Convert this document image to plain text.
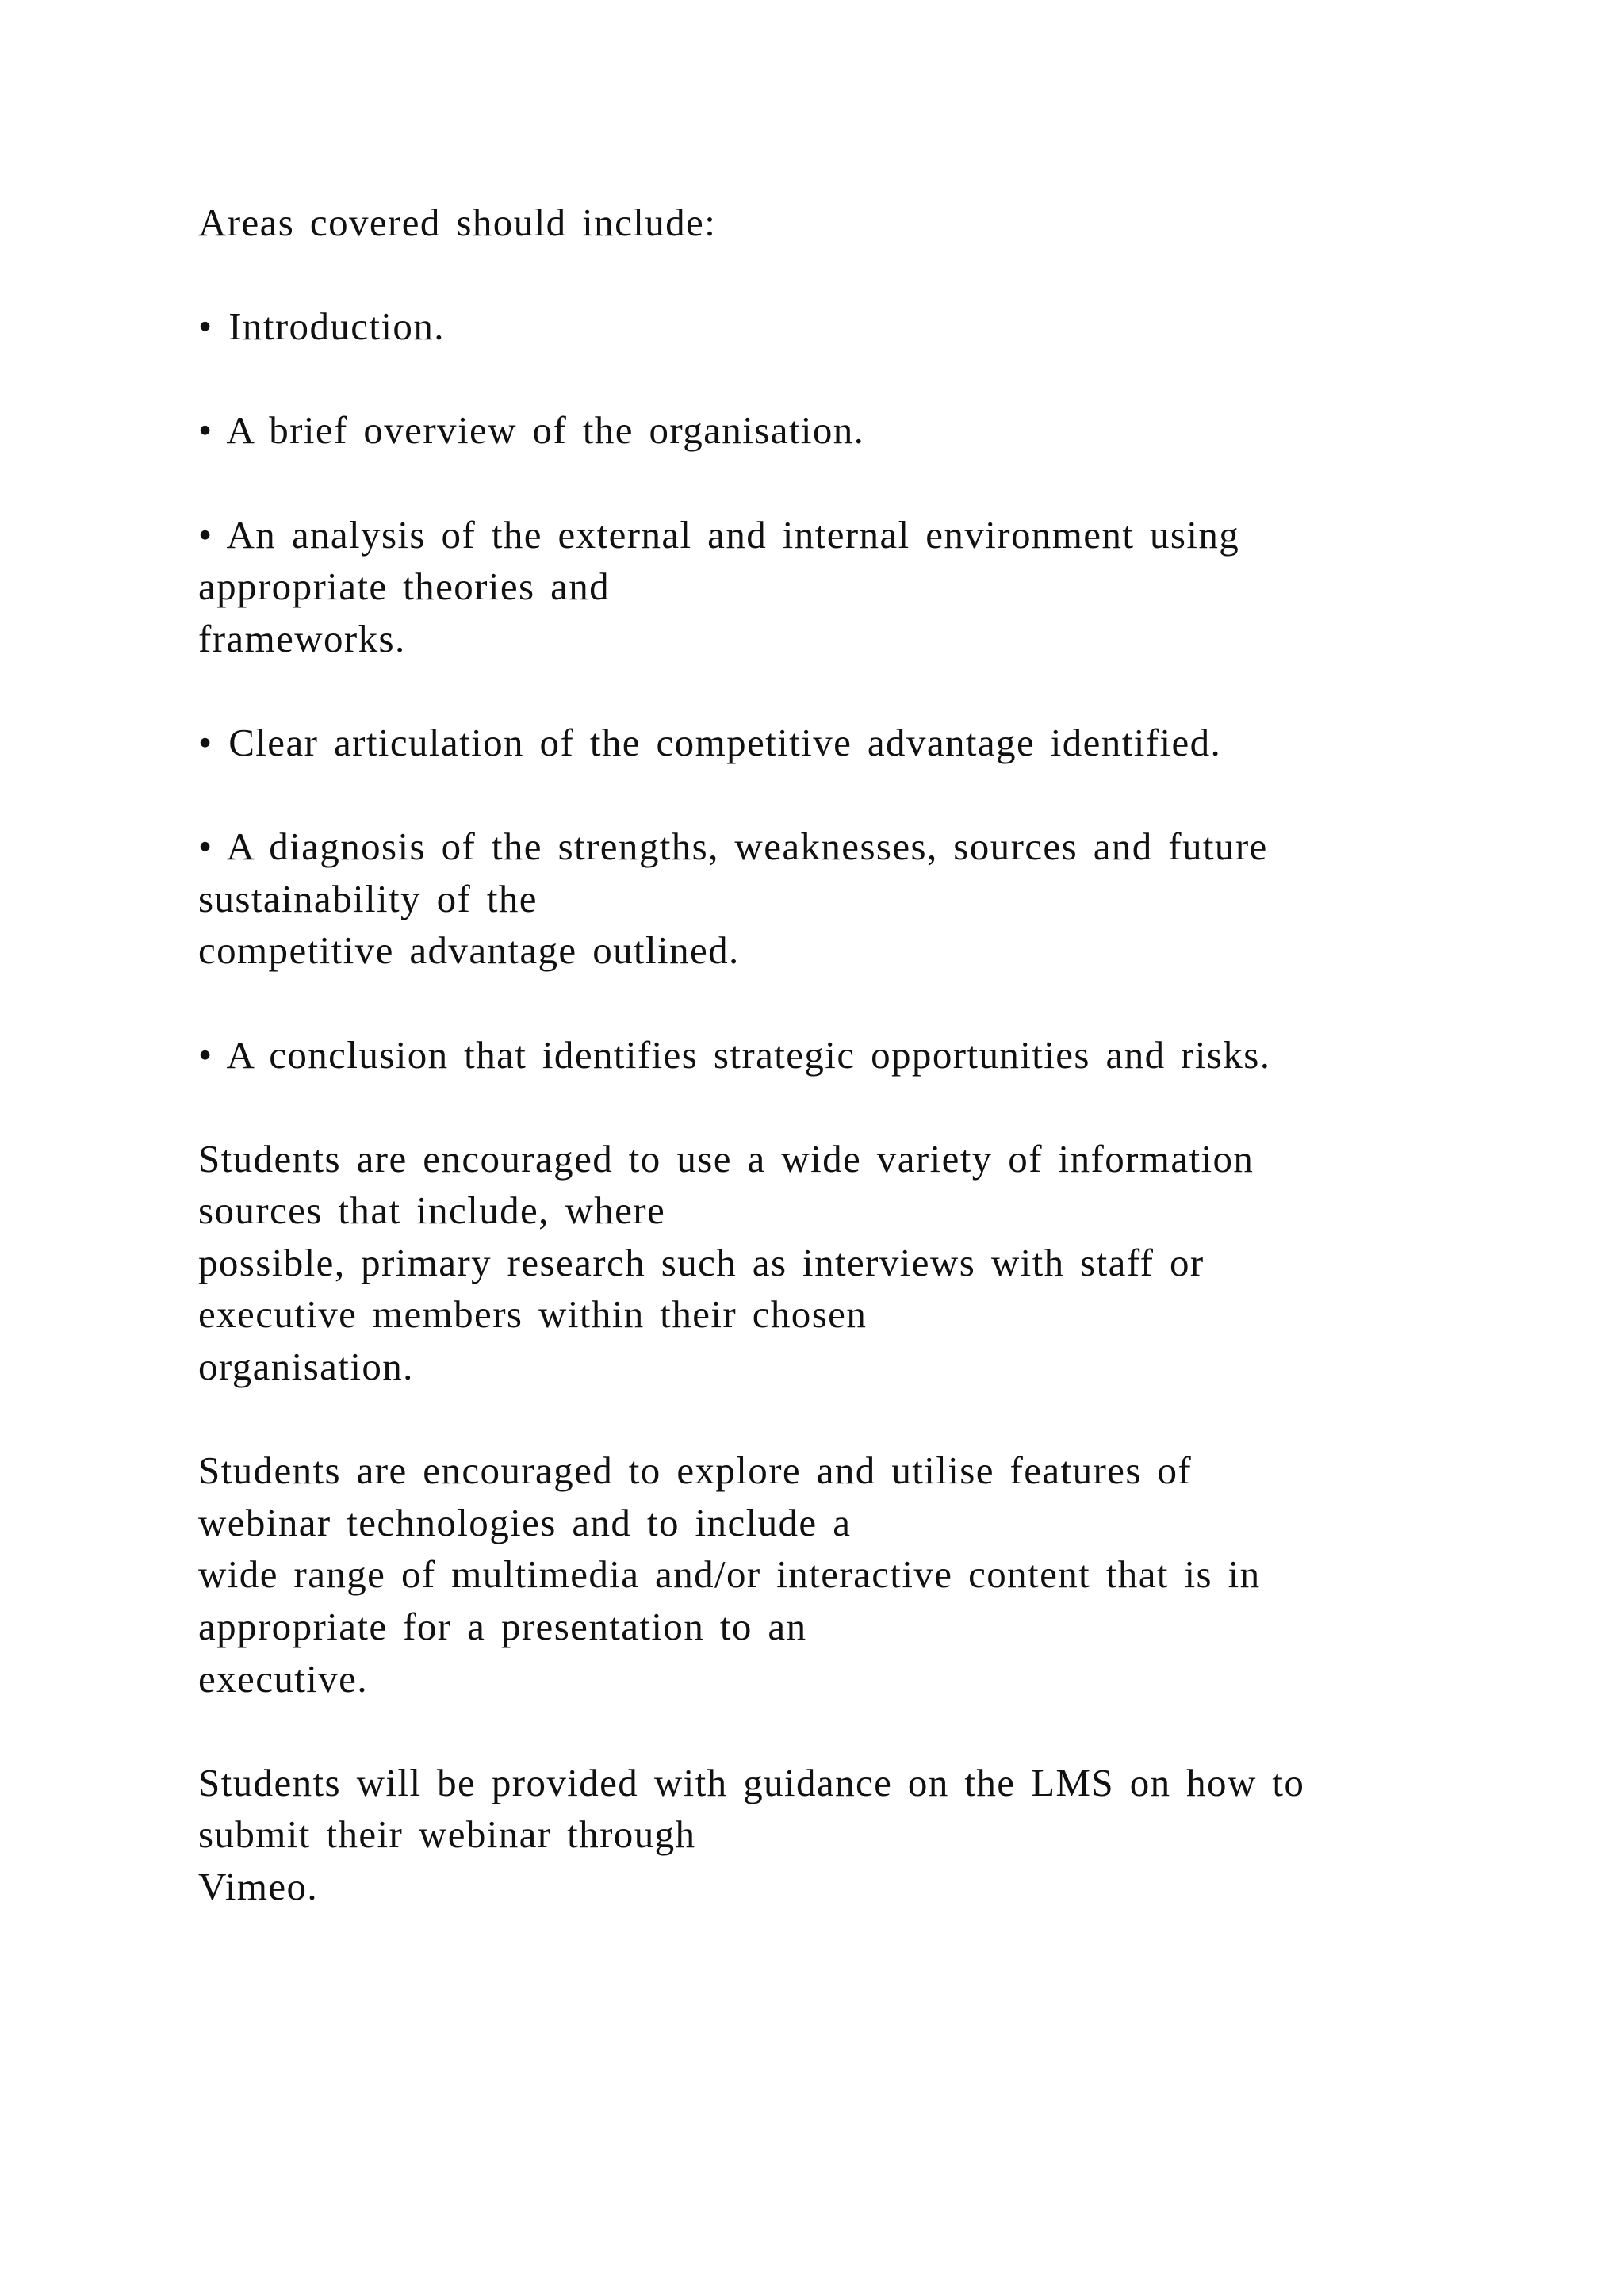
Areas covered should include:

• Introduction.

• A brief overview of the organisation.

• An analysis of the external and internal environment using
appropriate theories and
frameworks.

• Clear articulation of the competitive advantage identified.

• A diagnosis of the strengths, weaknesses, sources and future
sustainability of the
competitive advantage outlined.

• A conclusion that identifies strategic opportunities and risks.

Students are encouraged to use a wide variety of information
sources that include, where
possible, primary research such as interviews with staff or
executive members within their chosen
organisation.

Students are encouraged to explore and utilise features of
webinar technologies and to include a
wide range of multimedia and/or interactive content that is in
appropriate for a presentation to an
executive.

Students will be provided with guidance on the LMS on how to
submit their webinar through
Vimeo.
